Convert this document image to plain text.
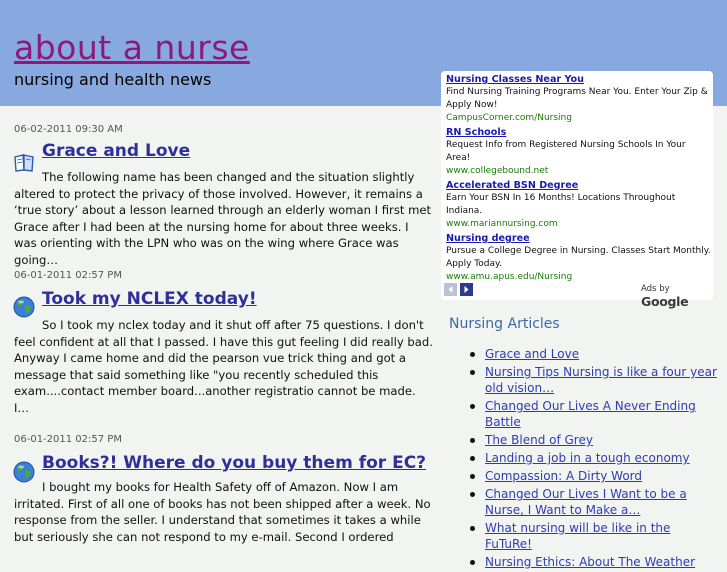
about a nurse
nursing and health news
06-02-2011 09:30 AM
Grace and Love
The following name has been changed and the situation slightly altered to protect the privacy of those involved. However, it remains a ‘true story’ about a lesson learned through an elderly woman I first met Grace after I had been at the nursing home for about three weeks. I was orienting with the LPN who was on the wing where Grace was going…
06-01-2011 02:57 PM
Took my NCLEX today!
So I took my nclex today and it shut off after 75 questions. I don't feel confident at all that I passed. I have this gut feeling I did really bad. Anyway I came home and did the pearson vue trick thing and got a message that said something like "you recently scheduled this exam....contact member board...another registratio cannot be made. I…
06-01-2011 02:57 PM
Books?! Where do you buy them for EC?
I bought my books for Health Safety off of Amazon. Now I am irritated. First of all one of books has not been shipped after a week. No response from the seller. I understand that sometimes it takes a while but seriously she can not respond to my e-mail. Second I ordered
Nursing Classes Near You
Find Nursing Training Programs Near You. Enter Your Zip & Apply Now!
CampusCorner.com/Nursing
RN Schools
Request Info from Registered Nursing Schools In Your Area!
www.collegebound.net
Accelerated BSN Degree
Earn Your BSN In 16 Months! Locations Throughout Indiana.
www.mariannursing.com
Nursing degree
Pursue a College Degree in Nursing. Classes Start Monthly. Apply Today.
www.amu.apus.edu/Nursing
Ads by Google
Nursing Articles
Grace and Love
Nursing Tips Nursing is like a four year old vision…
Changed Our Lives A Never Ending Battle
The Blend of Grey
Landing a job in a tough economy
Compassion: A Dirty Word
Changed Our Lives I Want to be a Nurse, I Want to Make a…
What nursing will be like in the FuTuRe!
Nursing Ethics: About The Weather
